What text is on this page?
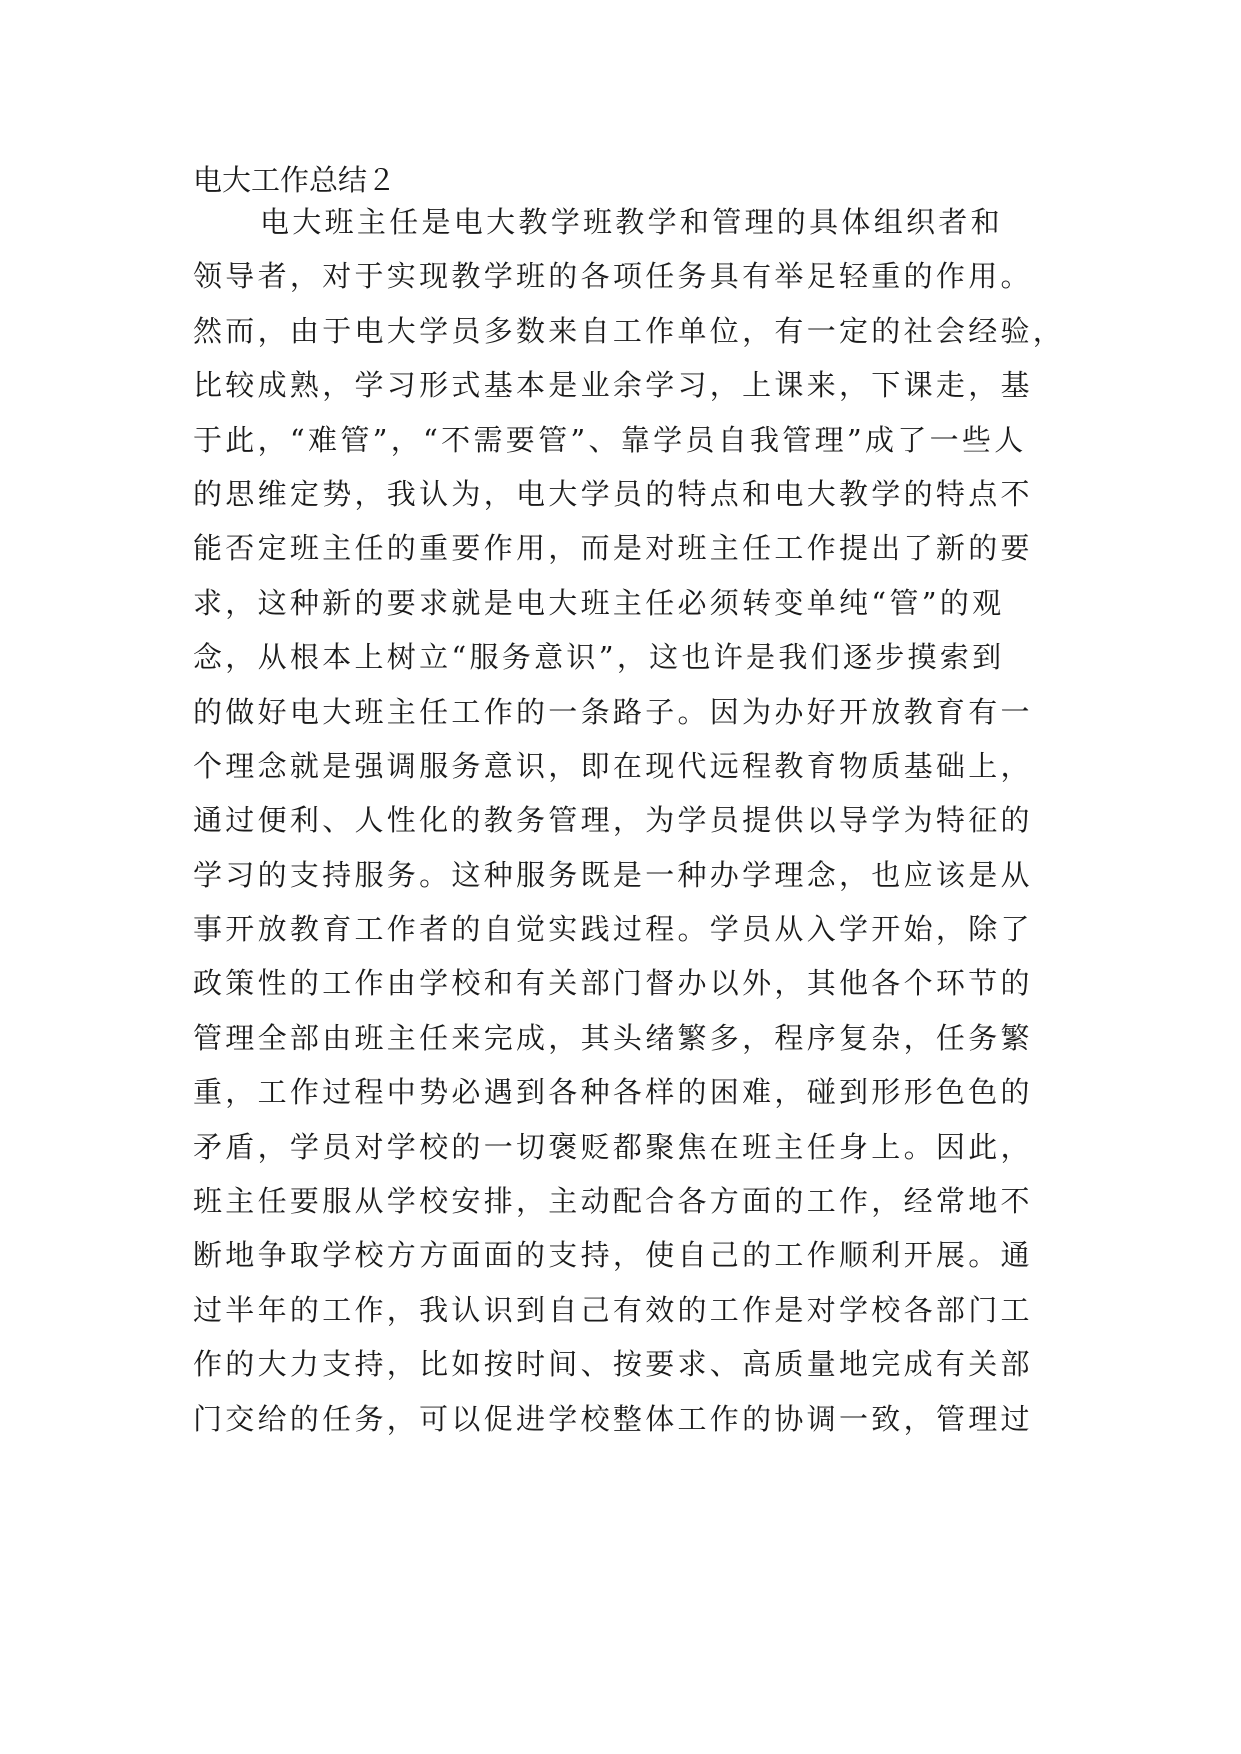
电大工作总结２
电大班主任是电大教学班教学和管理的具体组织者和
领导者，对于实现教学班的各项任务具有举足轻重的作用。
然而，由于电大学员多数来自工作单位，有一定的社会经验，
比较成熟，学习形式基本是业余学习，上课来，下课走，基
于此，“难管”，“不需要管”、靠学员自我管理”成了一些人
的思维定势，我认为，电大学员的特点和电大教学的特点不
能否定班主任的重要作用，而是对班主任工作提出了新的要
求，这种新的要求就是电大班主任必须转变单纯“管”的观
念，从根本上树立“服务意识”，这也许是我们逐步摸索到
的做好电大班主任工作的一条路子。因为办好开放教育有一
个理念就是强调服务意识，即在现代远程教育物质基础上，
通过便利、人性化的教务管理，为学员提供以导学为特征的
学习的支持服务。这种服务既是一种办学理念，也应该是从
事开放教育工作者的自觉实践过程。学员从入学开始，除了
政策性的工作由学校和有关部门督办以外，其他各个环节的
管理全部由班主任来完成，其头绪繁多，程序复杂，任务繁
重，工作过程中势必遇到各种各样的困难，碰到形形色色的
矛盾，学员对学校的一切褒贬都聚焦在班主任身上。因此，
班主任要服从学校安排，主动配合各方面的工作，经常地不
断地争取学校方方面面的支持，使自己的工作顺利开展。通
过半年的工作，我认识到自己有效的工作是对学校各部门工
作的大力支持，比如按时间、按要求、高质量地完成有关部
门交给的任务，可以促进学校整体工作的协调一致，管理过
